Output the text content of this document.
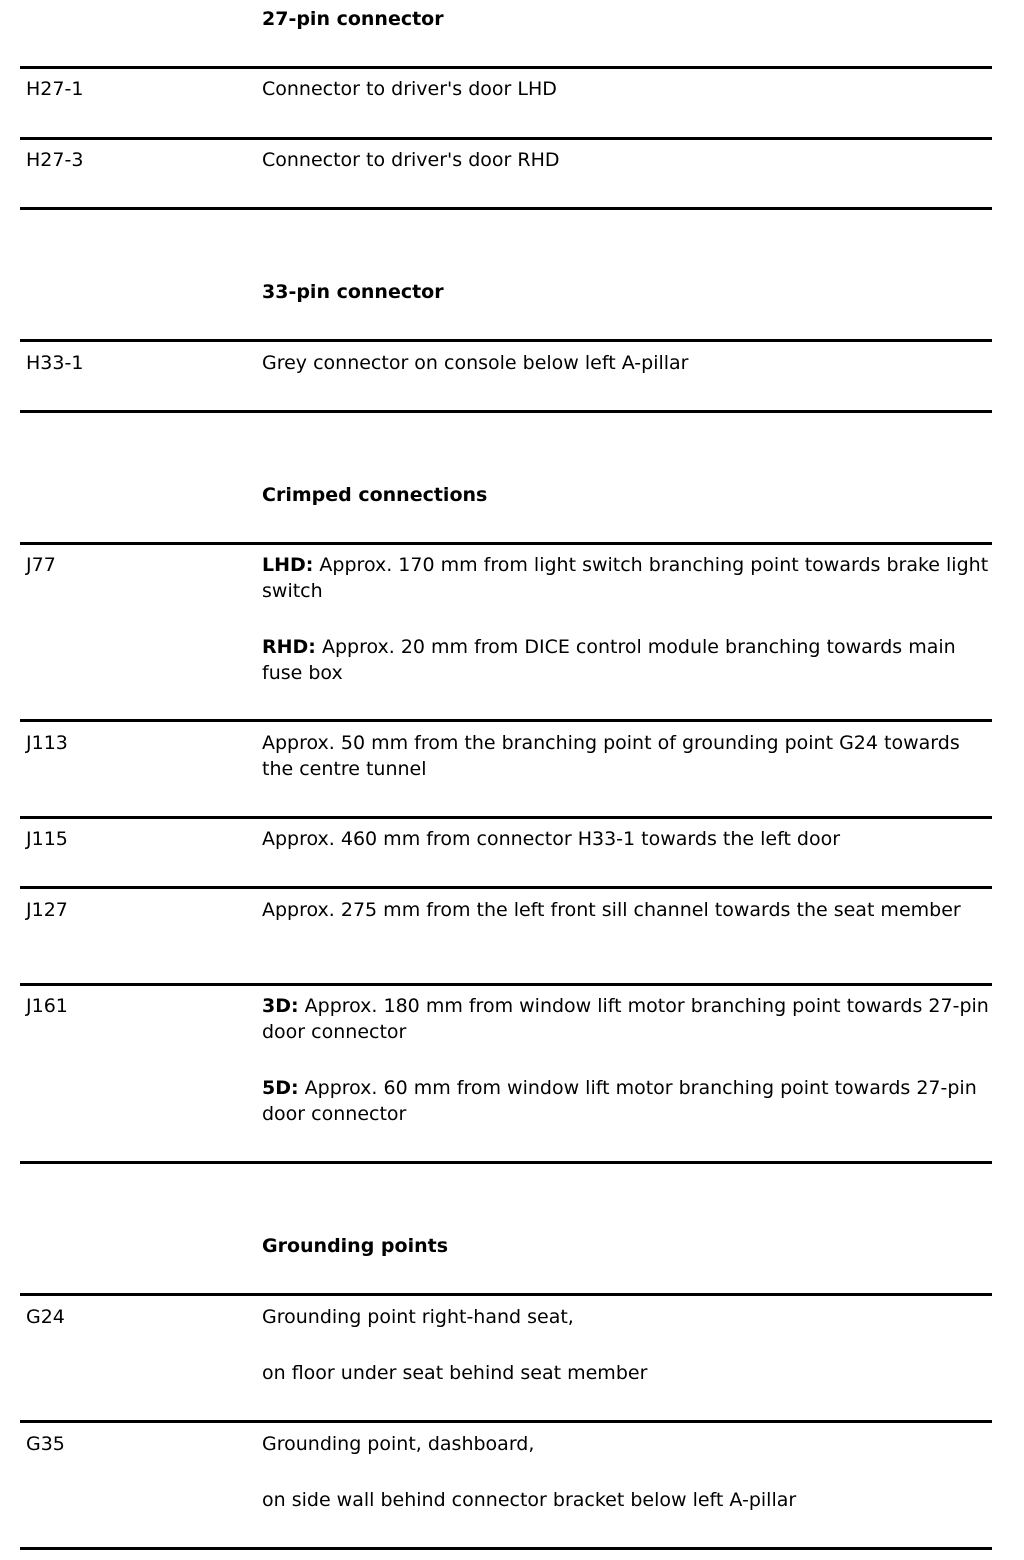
27-pin connector
H27-1	Connector to driver's door LHD
H27-3	Connector to driver's door RHD
33-pin connector
H33-1	Grey connector on console below left A-pillar
Crimped connections
J77	LHD: Approx. 170 mm from light switch branching point towards brake light switch

RHD: Approx. 20 mm from DICE control module branching towards main fuse box

J113	Approx. 50 mm from the branching point of grounding point G24 towards the centre tunnel
J115	Approx. 460 mm from connector H33-1 towards the left door
J127	Approx. 275 mm from the left front sill channel towards the seat member
J161	3D: Approx. 180 mm from window lift motor branching point towards 27-pin door connector

5D: Approx. 60 mm from window lift motor branching point towards 27-pin door connector

Grounding points
G24	Grounding point right-hand seat,

on floor under seat behind seat member

G35	Grounding point, dashboard,

on side wall behind connector bracket below left A-pillar
